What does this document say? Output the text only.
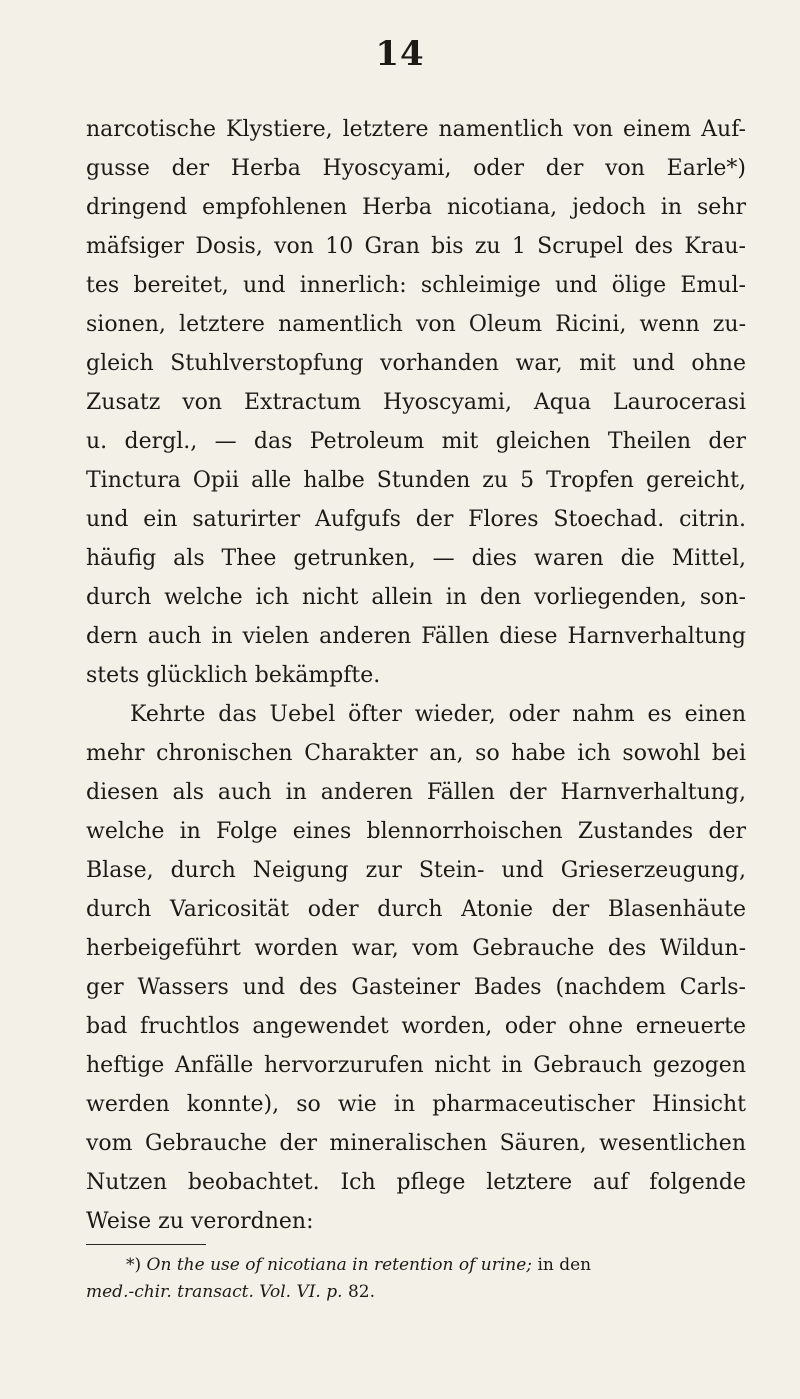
14
narcotische Klystiere, letztere namentlich von einem Auf-
gusse der Herba Hyoscyami, oder der von Earle*)
dringend empfohlenen Herba nicotiana, jedoch in sehr
mäfsiger Dosis, von 10 Gran bis zu 1 Scrupel des Krau-
tes bereitet, und innerlich: schleimige und ölige Emul-
sionen, letztere namentlich von Oleum Ricini, wenn zu-
gleich Stuhlverstopfung vorhanden war, mit und ohne
Zusatz von Extractum Hyoscyami, Aqua Laurocerasi
u. dergl., — das Petroleum mit gleichen Theilen der
Tinctura Opii alle halbe Stunden zu 5 Tropfen gereicht,
und ein saturirter Aufgufs der Flores Stoechad. citrin.
häufig als Thee getrunken, — dies waren die Mittel,
durch welche ich nicht allein in den vorliegenden, son-
dern auch in vielen anderen Fällen diese Harnverhaltung
stets glücklich bekämpfte.
Kehrte das Uebel öfter wieder, oder nahm es einen
mehr chronischen Charakter an, so habe ich sowohl bei
diesen als auch in anderen Fällen der Harnverhaltung,
welche in Folge eines blennorrhoischen Zustandes der
Blase, durch Neigung zur Stein- und Grieserzeugung,
durch Varicosität oder durch Atonie der Blasenhäute
herbeigeführt worden war, vom Gebrauche des Wildun-
ger Wassers und des Gasteiner Bades (nachdem Carls-
bad fruchtlos angewendet worden, oder ohne erneuerte
heftige Anfälle hervorzurufen nicht in Gebrauch gezogen
werden konnte), so wie in pharmaceutischer Hinsicht
vom Gebrauche der mineralischen Säuren, wesentlichen
Nutzen beobachtet. Ich pflege letztere auf folgende
Weise zu verordnen:
*) On the use of nicotiana in retention of urine; in den
med.-chir. transact. Vol. VI. p. 82.
